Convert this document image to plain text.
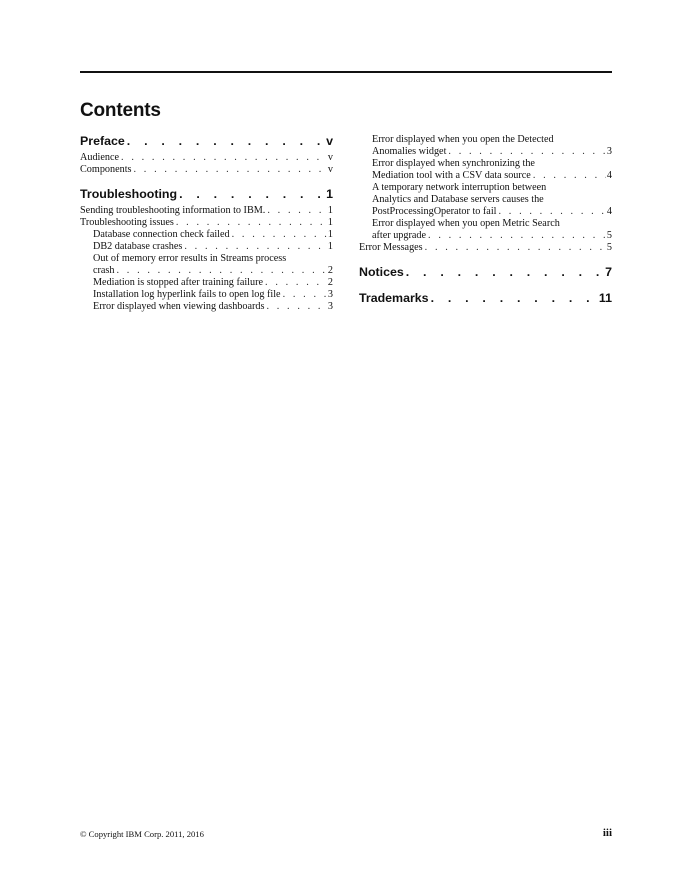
Contents
Preface . . .	v
Audience . . .	v
Components . . .	v
Troubleshooting . . .	1
Sending troubleshooting information to IBM. . . .	1
Troubleshooting issues . . .	1
Database connection check failed . . .	1
DB2 database crashes . . .	1
Out of memory error results in Streams process
crash . . .	2
Mediation is stopped after training failure . . .	2
Installation log hyperlink fails to open log file . . .	3
Error displayed when viewing dashboards . . .	3
Error displayed when you open the Detected
Anomalies widget . . .	3
Error displayed when synchronizing the
Mediation tool with a CSV data source . . .	4
A temporary network interruption between
Analytics and Database servers causes the
PostProcessingOperator to fail . . .	4
Error displayed when you open Metric Search
after upgrade . . .	5
Error Messages . . .	5
Notices . . .	7
Trademarks . . .	11
© Copyright IBM Corp. 2011, 2016	iii
